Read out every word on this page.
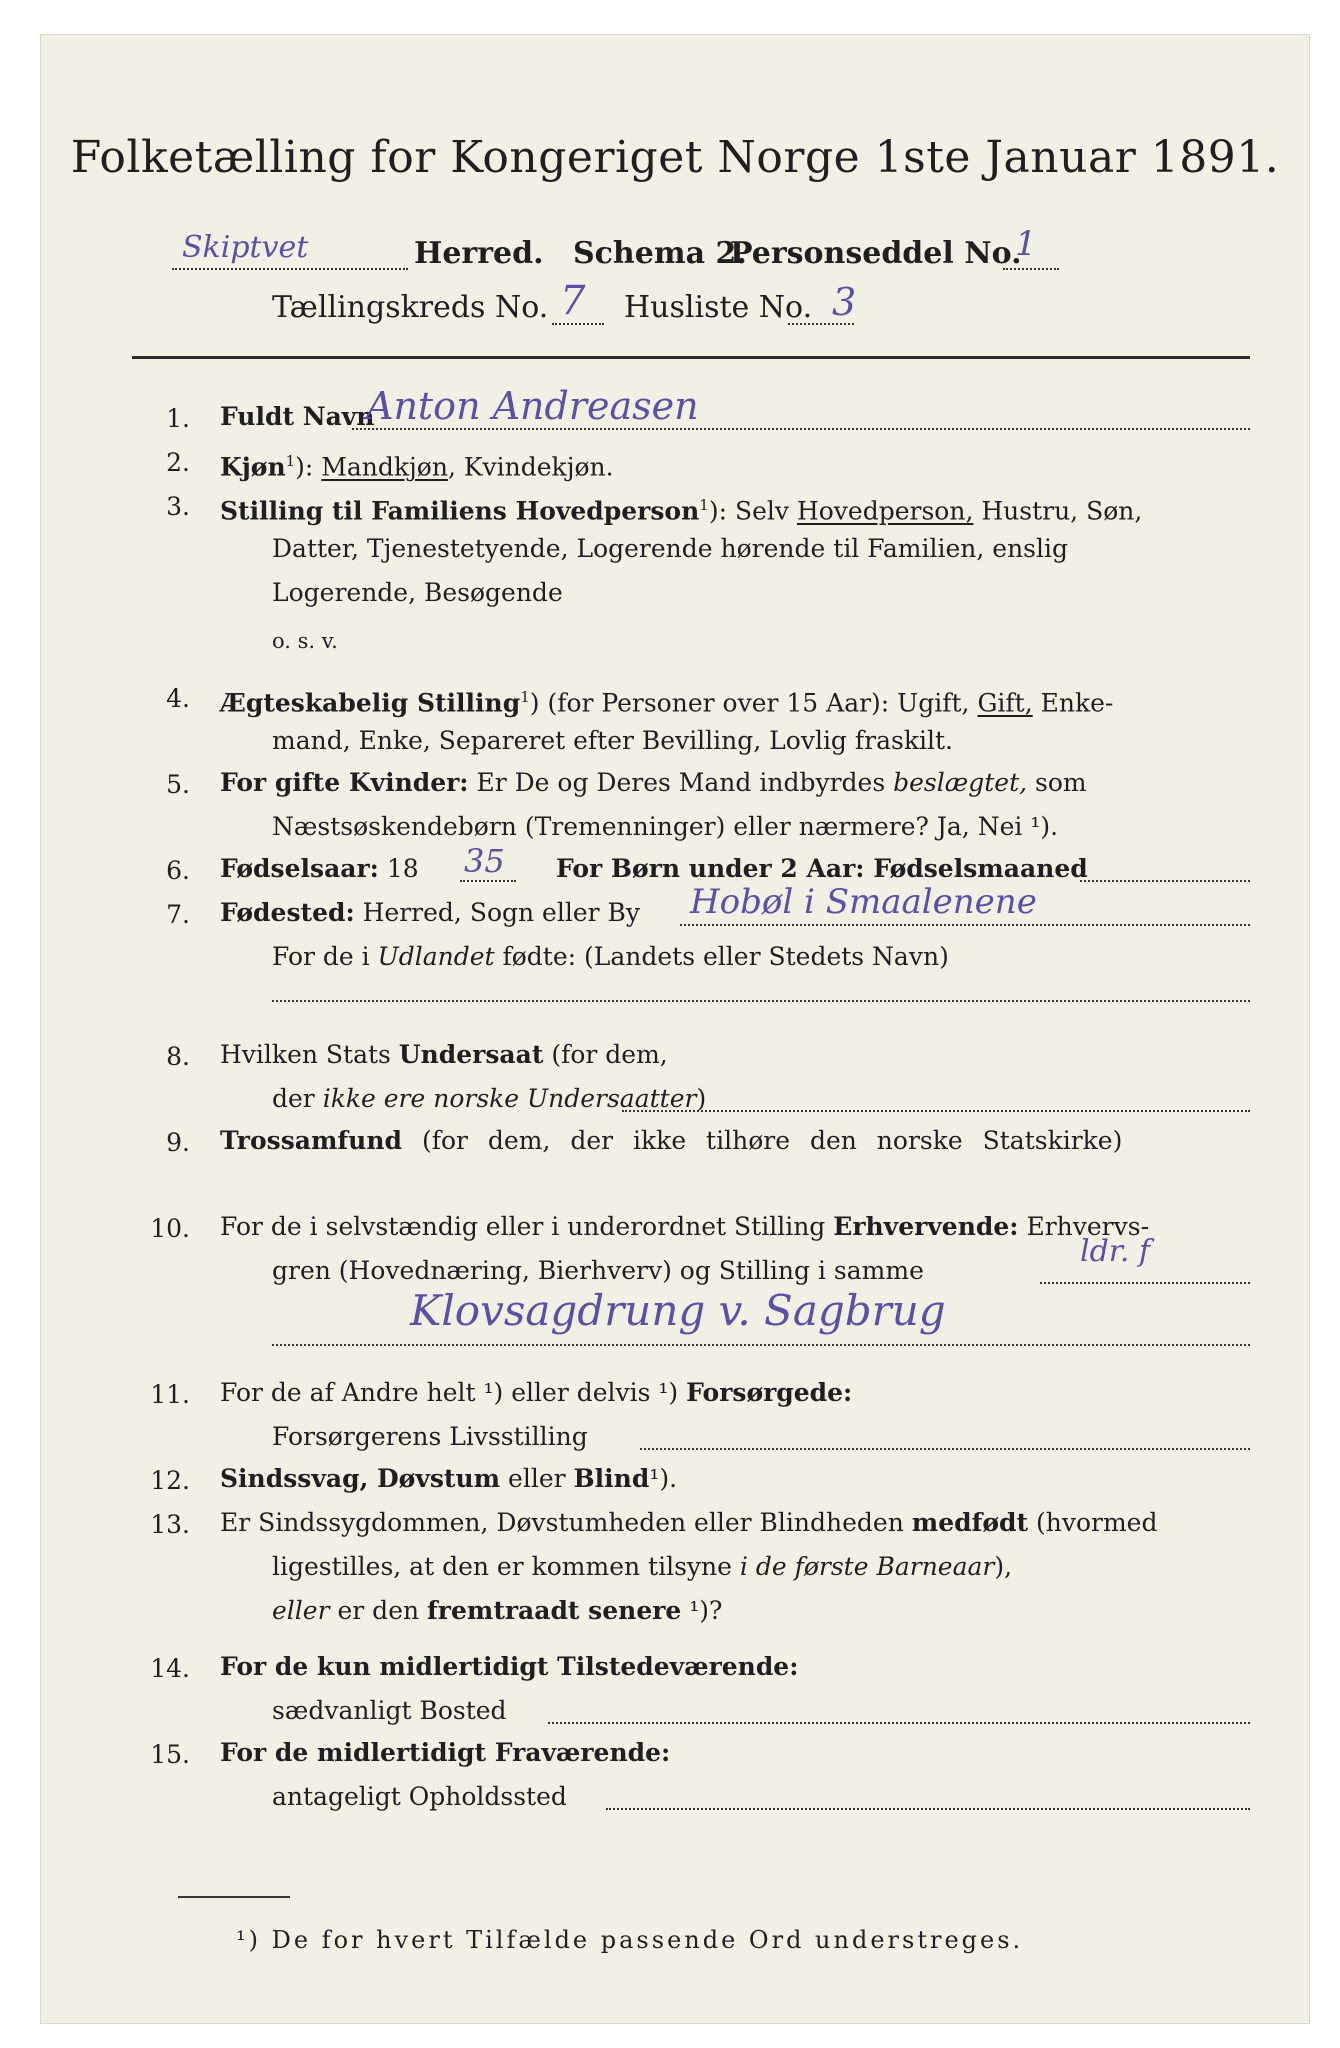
Folketælling for Kongeriget Norge 1ste Januar 1891.
Skiptvet	Herred. Schema 2.
Personseddel No.
1
Tællingskreds No. 7 Husliste No. 3
1. Fuldt Navn
Anton Andreasen
2. Kjøn$^1$): Mandkjøn, Kvindekjøn.
3. Stilling til Familiens Hovedperson$^1$): Selv Hovedperson, Hustru, Søn,
Datter, Tjenestetyende, Logerende hørende til Familien, enslig
Logerende, Besøgende
o. s. v.
4. Ægteskabelig Stilling$^1$) (for Personer over 15 Aar): Ugift, Gift, Enke-
mand, Enke, Separeret efter Bevilling, Lovlig fraskilt.
5. For gifte Kvinder: Er De og Deres Mand indbyrdes beslægtet, som
Næstsøskendebørn (Tremenninger) eller nærmere? Ja, Nei ¹).
6. Fødselsaar: 18 35 For Børn under 2 Aar: Fødselsmaaned
7. Fødested: Herred, Sogn eller By Hobøl i Smaalenene
For de i Udlandet fødte: (Landets eller Stedets Navn)
8. Hvilken Stats Undersaat (for dem,
der ikke ere norske Undersaatter)
9. Trossamfund (for dem, der ikke tilhøre den norske Statskirke)
10. For de i selvstændig eller i underordnet Stilling Erhvervende: Erhvervs-
gren (Hovednæring, Bierhverv) og Stilling i samme
ldr. f
Klovsagdrung v. Sagbrug
11. For de af Andre helt ¹) eller delvis ¹) Forsørgede:
Forsørgerens Livsstilling
12. Sindssvag, Døvstum eller Blind¹).
13. Er Sindssygdommen, Døvstumheden eller Blindheden medfødt (hvormed
ligestilles, at den er kommen tilsyne i de første Barneaar),
eller er den fremtraadt senere ¹)?
14. For de kun midlertidigt Tilstedeværende:
sædvanligt Bosted
15. For de midlertidigt Fraværende:
antageligt Opholdssted
¹) De for hvert Tilfælde passende Ord understreges.
